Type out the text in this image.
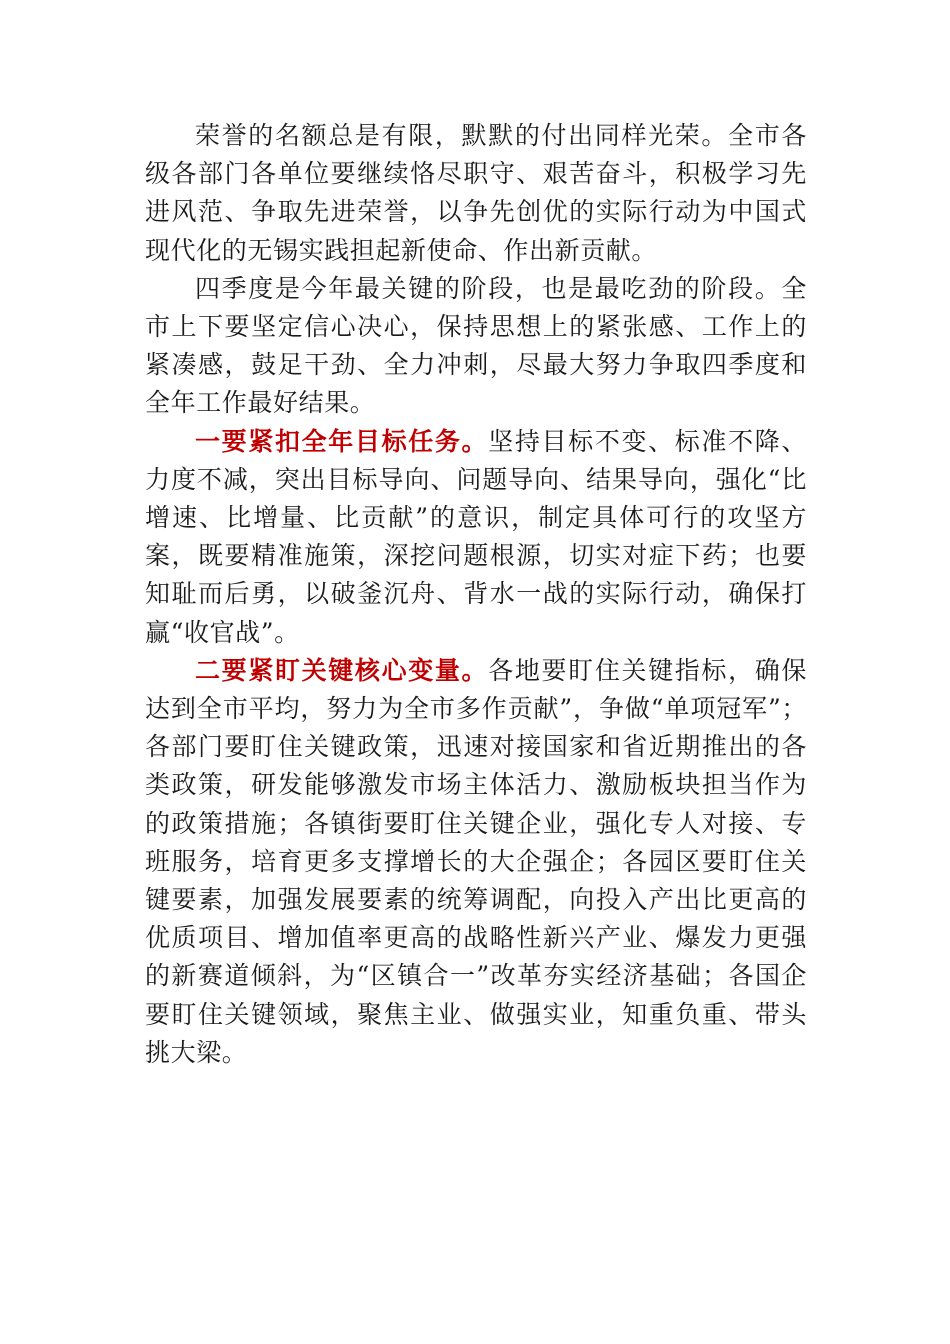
荣誉的名额总是有限，默默的付出同样光荣。全市各级各部门各单位要继续恪尽职守、艰苦奋斗，积极学习先进风范、争取先进荣誉，以争先创优的实际行动为中国式现代化的无锡实践担起新使命、作出新贡献。

四季度是今年最关键的阶段，也是最吃劲的阶段。全市上下要坚定信心决心，保持思想上的紧张感、工作上的紧凑感，鼓足干劲、全力冲刺，尽最大努力争取四季度和全年工作最好结果。

一要紧扣全年目标任务。坚持目标不变、标准不降、力度不减，突出目标导向、问题导向、结果导向，强化“比增速、比增量、比贡献”的意识，制定具体可行的攻坚方案，既要精准施策，深挖问题根源，切实对症下药；也要知耻而后勇，以破釜沉舟、背水一战的实际行动，确保打赢“收官战”。

二要紧盯关键核心变量。各地要盯住关键指标，确保达到全市平均，努力为全市多作贡献”，争做“单项冠军”；各部门要盯住关键政策，迅速对接国家和省近期推出的各类政策，研发能够激发市场主体活力、激励板块担当作为的政策措施；各镇街要盯住关键企业，强化专人对接、专班服务，培育更多支撑增长的大企强企；各园区要盯住关键要素，加强发展要素的统筹调配，向投入产出比更高的优质项目、增加值率更高的战略性新兴产业、爆发力更强的新赛道倾斜，为“区镇合一”改革夯实经济基础；各国企要盯住关键领域，聚焦主业、做强实业，知重负重、带头挑大梁。
